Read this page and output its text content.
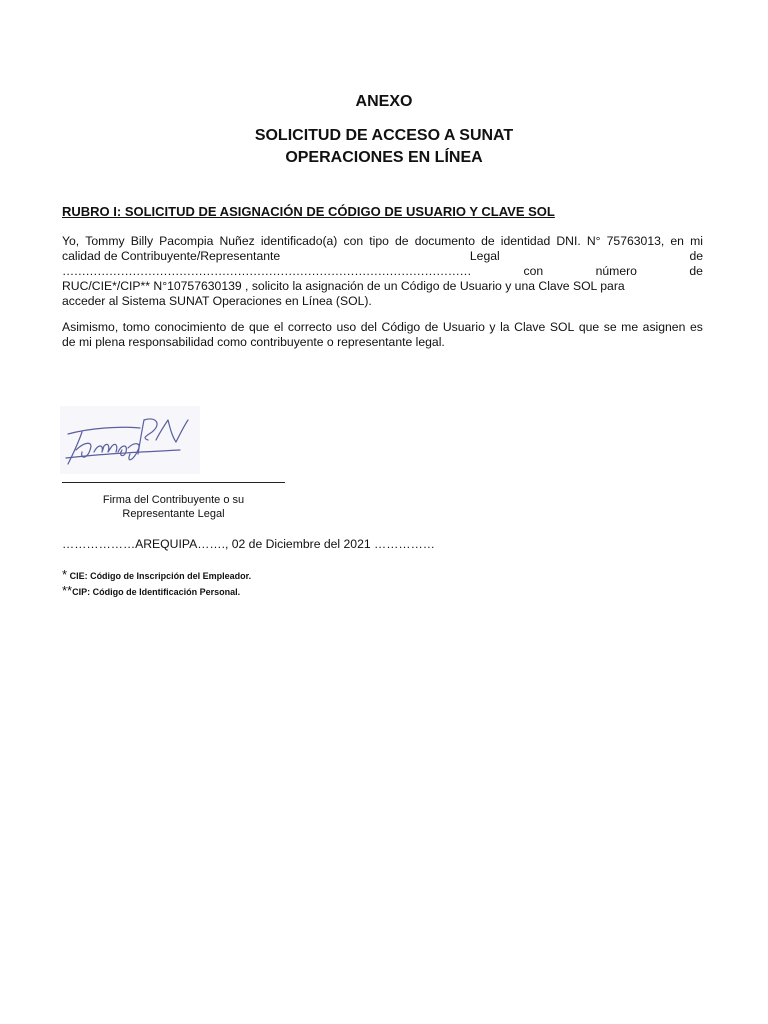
ANEXO
SOLICITUD DE ACCESO A SUNAT
OPERACIONES EN LÍNEA
RUBRO I: SOLICITUD DE ASIGNACIÓN DE CÓDIGO DE USUARIO Y CLAVE SOL
Yo, Tommy Billy Pacompia Nuñez identificado(a) con tipo de documento de identidad DNI. N° 75763013, en mi
calidad de Contribuyente/Representante	Legal	de
……………………………………………………………………………………………	con	número	de
RUC/CIE*/CIP** N°10757630139 , solicito la asignación de un Código de Usuario y una Clave SOL para
acceder al Sistema SUNAT Operaciones en Línea (SOL).
Asimismo, tomo conocimiento de que el correcto uso del Código de Usuario y la Clave SOL que se me asignen es
de mi plena responsabilidad como contribuyente o representante legal.
Firma del Contribuyente o su
Representante Legal
………………AREQUIPA……., 02 de Diciembre del 2021 ……………
* CIE: Código de Inscripción del Empleador.
**CIP: Código de Identificación Personal.
